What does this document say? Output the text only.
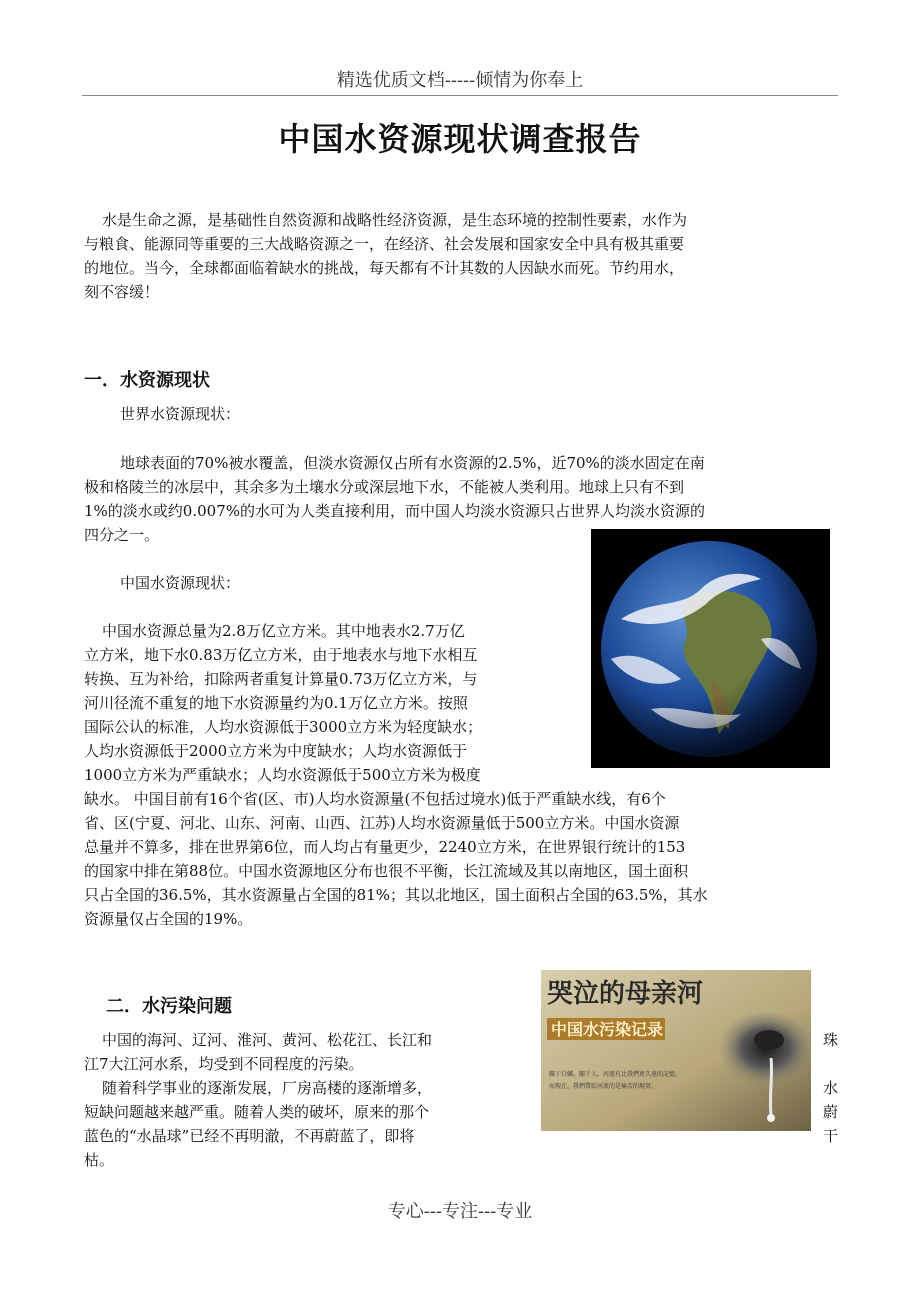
精选优质文档-----倾情为你奉上
中国水资源现状调查报告
水是生命之源，是基础性自然资源和战略性经济资源，是生态环境的控制性要素，水作为
与粮食、能源同等重要的三大战略资源之一，在经济、社会发展和国家安全中具有极其重要
的地位。当今，全球都面临着缺水的挑战，每天都有不计其数的人因缺水而死。节约用水，
刻不容缓！
一．水资源现状
世界水资源现状：
地球表面的70%被水覆盖，但淡水资源仅占所有水资源的2.5%，近70%的淡水固定在南
极和格陵兰的冰层中，其余多为土壤水分或深层地下水，不能被人类利用。地球上只有不到
1%的淡水或约0.007%的水可为人类直接利用，而中国人均淡水资源只占世界人均淡水资源的
四分之一。
中国水资源现状：
中国水资源总量为2.8万亿立方米。其中地表水2.7万亿
立方米，地下水0.83万亿立方米，由于地表水与地下水相互
转换、互为补给，扣除两者重复计算量0.73万亿立方米，与
河川径流不重复的地下水资源量约为0.1万亿立方米。按照
国际公认的标准，人均水资源低于3000立方米为轻度缺水；
人均水资源低于2000立方米为中度缺水；人均水资源低于
1000立方米为严重缺水；人均水资源低于500立方米为极度
缺水。 中国目前有16个省(区、市)人均水资源量(不包括过境水)低于严重缺水线，有6个
省、区(宁夏、河北、山东、河南、山西、江苏)人均水资源量低于500立方米。中国水资源
总量并不算多，排在世界第6位，而人均占有量更少，2240立方米，在世界银行统计的153
的国家中排在第88位。中国水资源地区分布也很不平衡，长江流域及其以南地区，国土面积
只占全国的36.5%，其水资源量占全国的81%；其以北地区，国土面积占全国的63.5%，其水
资源量仅占全国的19%。
二．水污染问题	哭泣的母亲河
中国水污染记录
關于白鱗。關于人。河流有比我們更久遠的記憶。
而現在，我們帶給河流的是痛苦的現實。
中国的海河、辽河、淮河、黄河、松花江、长江和	珠
江7大江河水系，均受到不同程度的污染。
随着科学事业的逐渐发展，厂房高楼的逐渐增多，	水
短缺问题越来越严重。随着人类的破坏，原来的那个	蔚
蓝色的“水晶球”已经不再明澈，不再蔚蓝了，即将	干
枯。
专心---专注---专业
